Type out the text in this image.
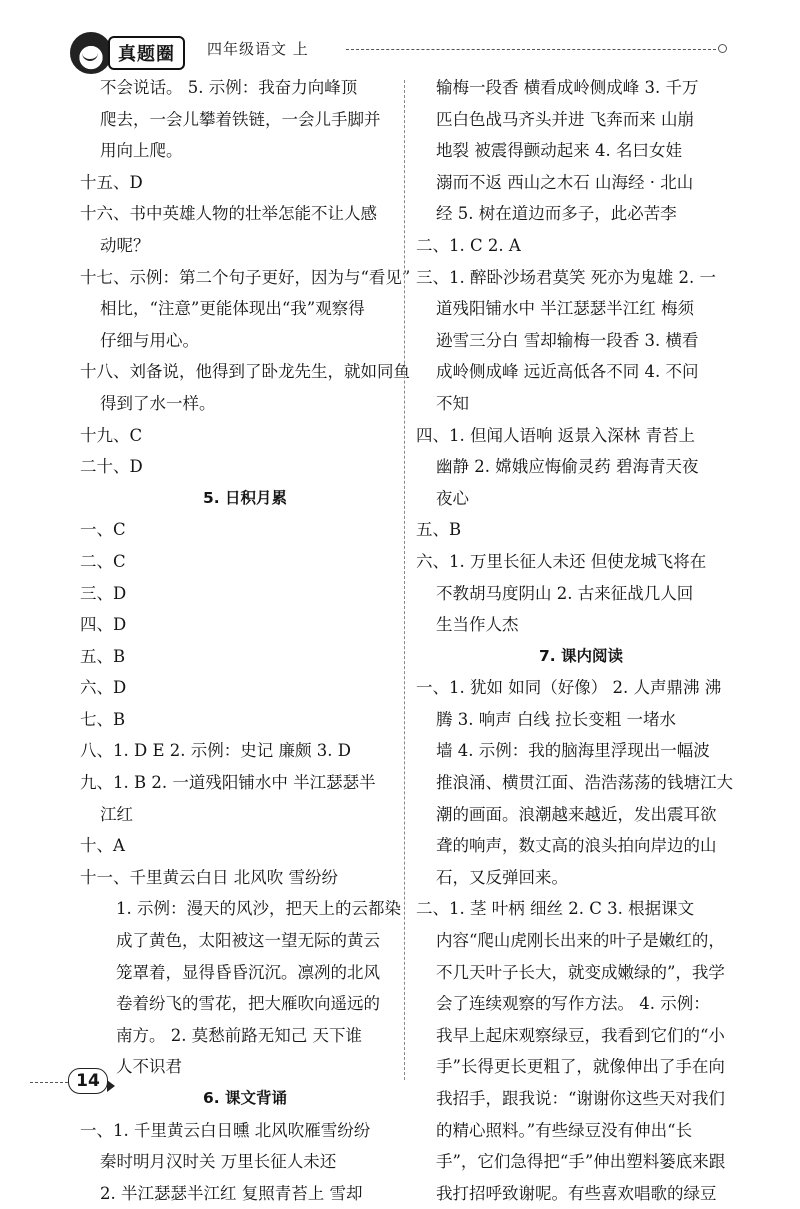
真题圈	四年级语文 上
不会说话。 5. 示例：我奋力向峰顶
爬去，一会儿攀着铁链，一会儿手脚并
用向上爬。
十五、D
十六、书中英雄人物的壮举怎能不让人感
动呢？
十七、示例：第二个句子更好，因为与“看见”
相比，“注意”更能体现出“我”观察得
仔细与用心。
十八、刘备说，他得到了卧龙先生，就如同鱼
得到了水一样。
十九、C
二十、D
5. 日积月累
一、C
二、C
三、D
四、D
五、B
六、D
七、B
八、1. D E 2. 示例：史记 廉颇 3. D
九、1. B 2. 一道残阳铺水中 半江瑟瑟半
江红
十、A
十一、千里黄云白日 北风吹 雪纷纷
1. 示例：漫天的风沙，把天上的云都染
成了黄色，太阳被这一望无际的黄云
笼罩着，显得昏昏沉沉。凛冽的北风
卷着纷飞的雪花，把大雁吹向遥远的
南方。 2. 莫愁前路无知己 天下谁
人不识君
6. 课文背诵
一、1. 千里黄云白日曛 北风吹雁雪纷纷
秦时明月汉时关 万里长征人未还
2. 半江瑟瑟半江红 复照青苔上 雪却
输梅一段香 横看成岭侧成峰 3. 千万
匹白色战马齐头并进 飞奔而来 山崩
地裂 被震得颤动起来 4. 名曰女娃
溺而不返 西山之木石 山海经 · 北山
经 5. 树在道边而多子，此必苦李
二、1. C 2. A
三、1. 醉卧沙场君莫笑 死亦为鬼雄 2. 一
道残阳铺水中 半江瑟瑟半江红 梅须
逊雪三分白 雪却输梅一段香 3. 横看
成岭侧成峰 远近高低各不同 4. 不问
不知
四、1. 但闻人语响 返景入深林 青苔上
幽静 2. 嫦娥应悔偷灵药 碧海青天夜
夜心
五、B
六、1. 万里长征人未还 但使龙城飞将在
不教胡马度阴山 2. 古来征战几人回
生当作人杰
7. 课内阅读
一、1. 犹如 如同（好像） 2. 人声鼎沸 沸
腾 3. 响声 白线 拉长变粗 一堵水
墙 4. 示例：我的脑海里浮现出一幅波
推浪涌、横贯江面、浩浩荡荡的钱塘江大
潮的画面。浪潮越来越近，发出震耳欲
聋的响声，数丈高的浪头拍向岸边的山
石，又反弹回来。
二、1. 茎 叶柄 细丝 2. C 3. 根据课文
内容“爬山虎刚长出来的叶子是嫩红的，
不几天叶子长大，就变成嫩绿的”，我学
会了连续观察的写作方法。 4. 示例：
我早上起床观察绿豆，我看到它们的“小
手”长得更长更粗了，就像伸出了手在向
我招手，跟我说：“谢谢你这些天对我们
的精心照料。”有些绿豆没有伸出“长
手”，它们急得把“手”伸出塑料篓底来跟
我打招呼致谢呢。有些喜欢唱歌的绿豆
14
